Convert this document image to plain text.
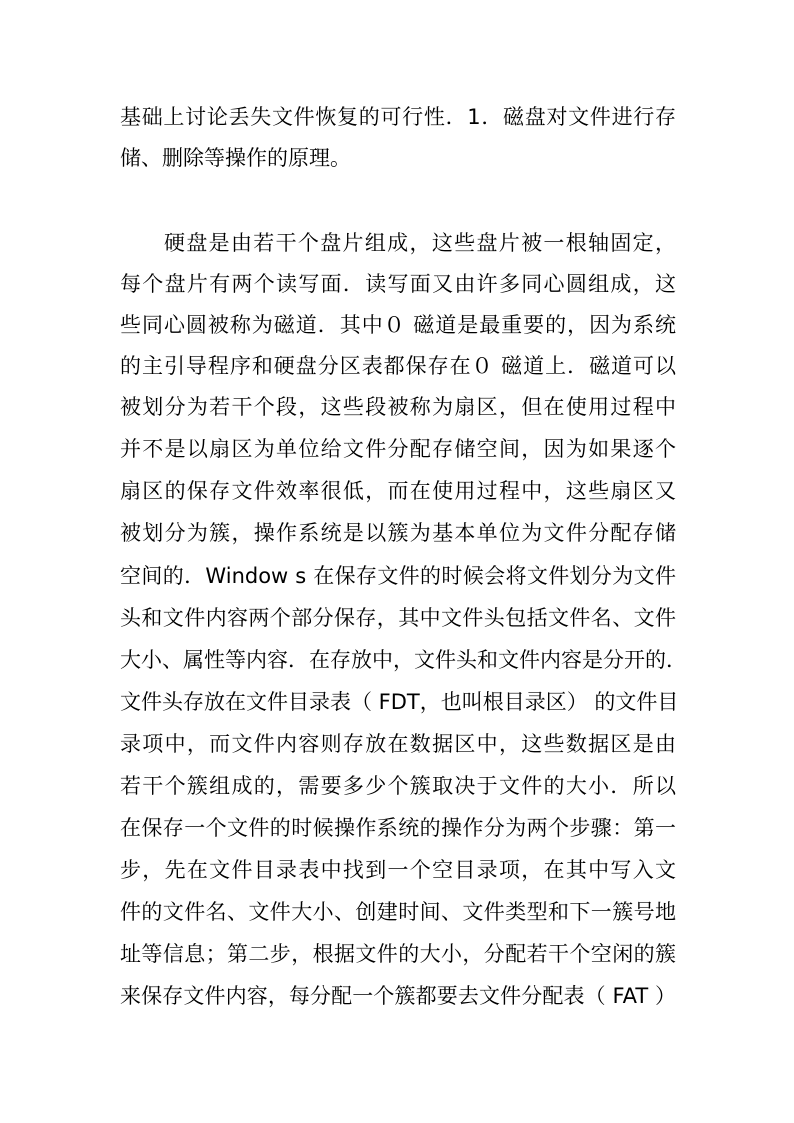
基础上讨论丢失文件恢复的可行性．1．磁盘对文件进行存
储、删除等操作的原理。
硬盘是由若干个盘片组成，这些盘片被一根轴固定，
每个盘片有两个读写面．读写面又由许多同心圆组成，这
些同心圆被称为磁道．其中０ 磁道是最重要的，因为系统
的主引导程序和硬盘分区表都保存在０ 磁道上．磁道可以
被划分为若干个段，这些段被称为扇区，但在使用过程中
并不是以扇区为单位给文件分配存储空间，因为如果逐个
扇区的保存文件效率很低，而在使用过程中，这些扇区又
被划分为簇，操作系统是以簇为基本单位为文件分配存储
空间的．Window s 在保存文件的时候会将文件划分为文件
头和文件内容两个部分保存，其中文件头包括文件名、文件
大小、属性等内容．在存放中，文件头和文件内容是分开的．
文件头存放在文件目录表（ FDT，也叫根目录区） 的文件目
录项中，而文件内容则存放在数据区中，这些数据区是由
若干个簇组成的，需要多少个簇取决于文件的大小．所以
在保存一个文件的时候操作系统的操作分为两个步骤：第一
步，先在文件目录表中找到一个空目录项，在其中写入文
件的文件名、文件大小、创建时间、文件类型和下一簇号地
址等信息；第二步，根据文件的大小，分配若干个空闲的簇
来保存文件内容，每分配一个簇都要去文件分配表（ FAT ）
